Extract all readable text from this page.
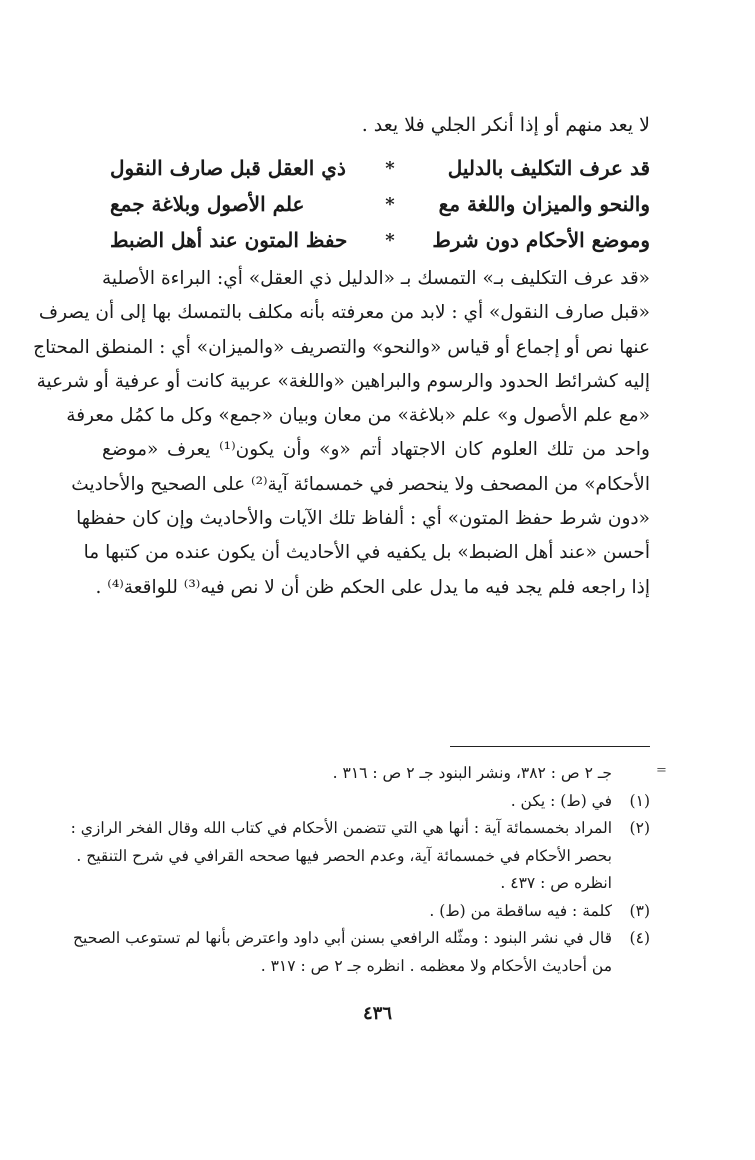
لا يعد منهم أو إذا أنكر الجلي فلا يعد .
قد عرف التكليف بالدليل
*
ذي العقل قبل صارف النقول
والنحو والميزان واللغة مع
*
علم الأصول وبلاغة جمع
وموضع الأحكام دون شرط
*
حفظ المتون عند أهل الضبط
«قد عرف التكليف بـ» التمسك بـ «الدليل ذي العقل» أي: البراءة الأصلية
«قبل صارف النقول» أي : لابد من معرفته بأنه مكلف بالتمسك بها إلى أن يصرف
عنها نص أو إجماع أو قياس «والنحو» والتصريف «والميزان» أي : المنطق المحتاج
إليه كشرائط الحدود والرسوم والبراهين «واللغة» عربية كانت أو عرفية أو شرعية
«مع علم الأصول و» علم «بلاغة» من معان وبيان «جمع» وكل ما كمُل معرفة
واحد من تلك العلوم كان الاجتهاد أتم «و» وأن يكون⁽¹⁾ يعرف «موضع
الأحكام» من المصحف ولا ينحصر في خمسمائة آية⁽²⁾ على الصحيح والأحاديث
«دون شرط حفظ المتون» أي : ألفاظ تلك الآيات والأحاديث وإن كان حفظها
أحسن «عند أهل الضبط» بل يكفيه في الأحاديث أن يكون عنده من كتبها ما
إذا راجعه فلم يجد فيه ما يدل على الحكم ظن أن لا نص فيه⁽³⁾ للواقعة⁽⁴⁾ .
=
جـ ٢ ص : ٣٨٢، ونشر البنود جـ ٢ ص : ٣١٦ .
(١)
في (ط) : يكن .
(٢)
المراد بخمسمائة آية : أنها هي التي تتضمن الأحكام في كتاب الله وقال الفخر الرازي :
بحصر الأحكام في خمسمائة آية، وعدم الحصر فيها صححه القرافي في شرح التنقيح .
انظره ص : ٤٣٧ .
(٣)
كلمة : فيه ساقطة من (ط) .
(٤)
قال في نشر البنود : ومثّله الرافعي بسنن أبي داود واعترض بأنها لم تستوعب الصحيح
من أحاديث الأحكام ولا معظمه . انظره جـ ٢ ص : ٣١٧ .
٤٣٦
